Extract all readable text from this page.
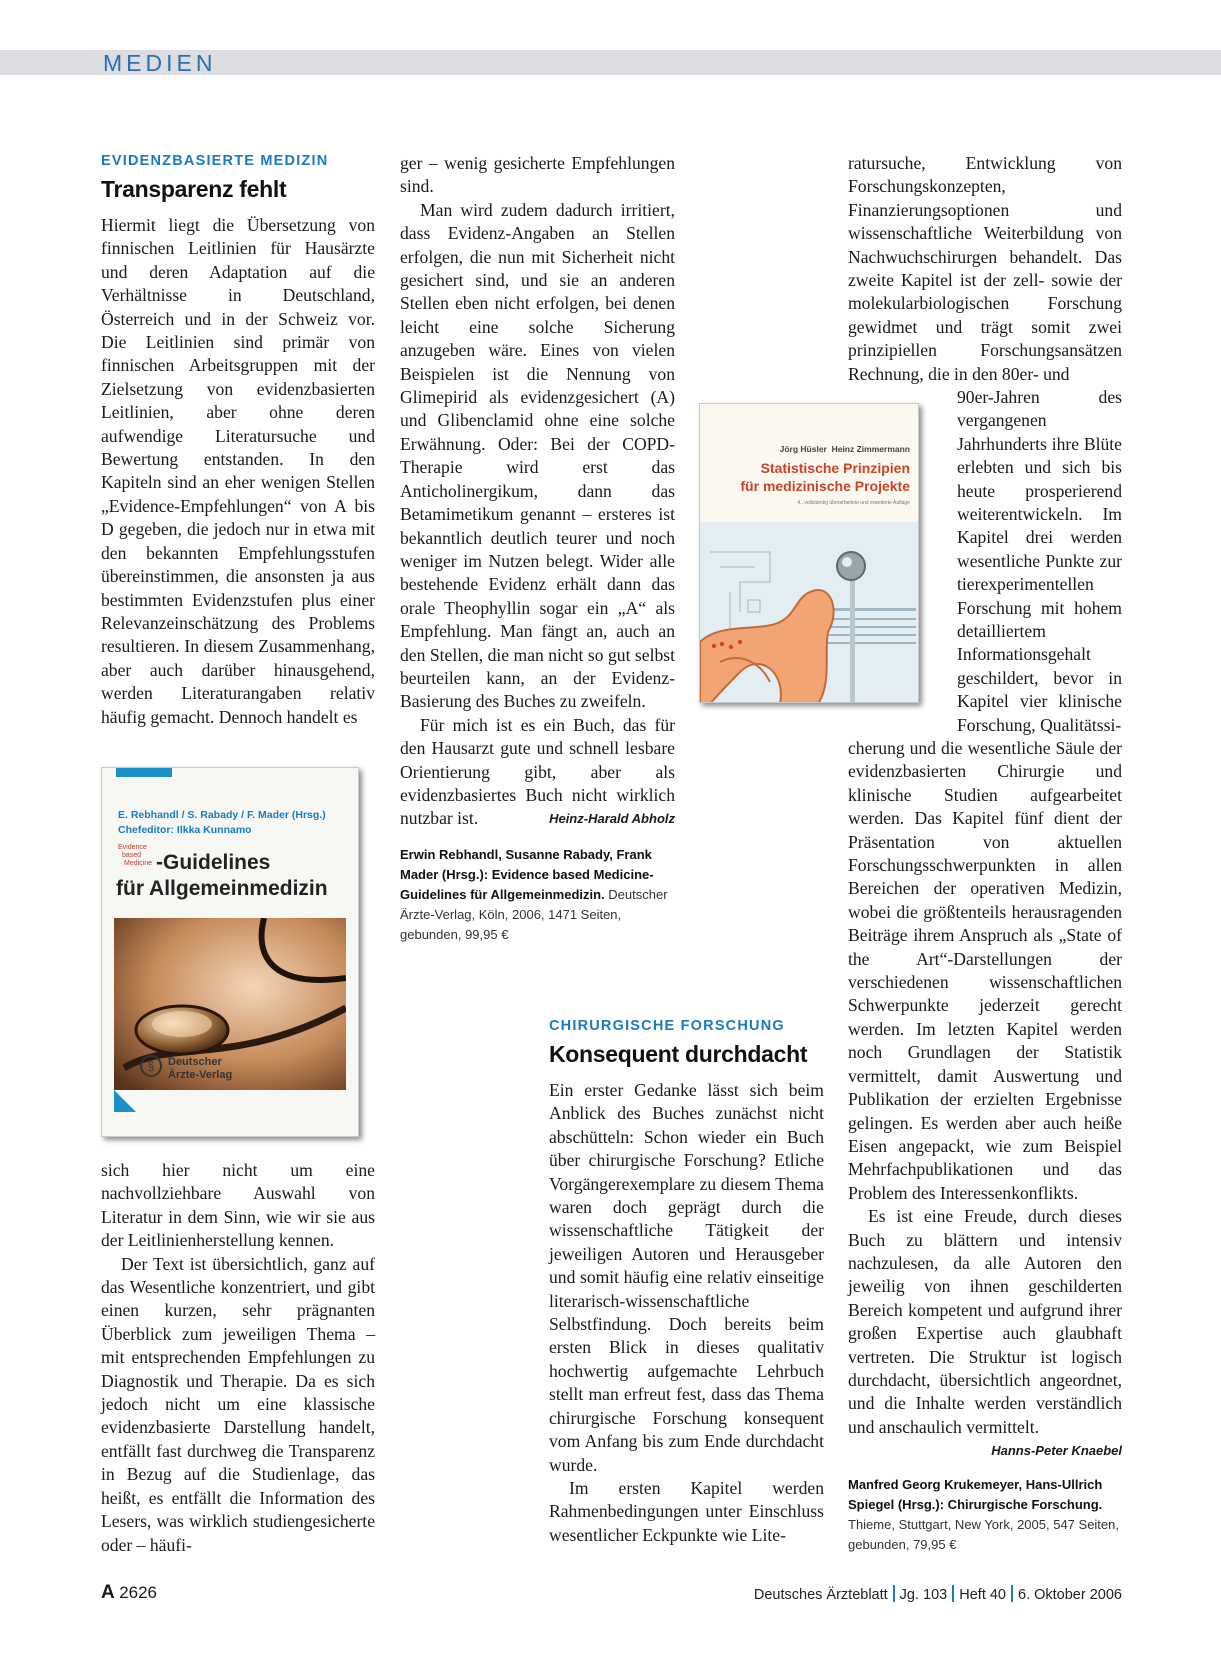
MEDIEN
EVIDENZBASIERTE MEDIZIN
Transparenz fehlt

Hiermit liegt die Übersetzung von finnischen Leitlinien für Hausärzte und deren Adaptation auf die Verhältnisse in Deutschland, Österreich und in der Schweiz vor. Die Leitlinien sind primär von finnischen Arbeitsgruppen mit der Zielsetzung von evidenzbasierten Leitlinien, aber ohne deren aufwendige Literatursuche und Bewertung entstanden. In den Kapiteln sind an eher wenigen Stellen „Evidence-Empfehlungen“ von A bis D gegeben, die jedoch nur in etwa mit den bekannten Empfehlungsstufen übereinstimmen, die ansonsten ja aus bestimmten Evidenzstufen plus einer Relevanzeinschätzung des Problems resultieren. In diesem Zusammenhang, aber auch darüber hinausgehend, werden Literaturangaben relativ häufig gemacht. Dennoch handelt es

E. Rebhandl / S. Rabady / F. Mader (Hrsg.)
Chefeditor: Ilkka Kunnamo
Evidence
based
Medicine -Guidelines
für Allgemeinmedizin
§	Deutscher
Ärzte-Verlag

sich hier nicht um eine nachvollziehbare Auswahl von Literatur in dem Sinn, wie wir sie aus der Leitlinienherstellung kennen.

Der Text ist übersichtlich, ganz auf das Wesentliche konzentriert, und gibt einen kurzen, sehr prägnanten Überblick zum jeweiligen Thema – mit entsprechenden Empfehlungen zu Diagnostik und Therapie. Da es sich jedoch nicht um eine klassische evidenzbasierte Darstellung handelt, entfällt fast durchweg die Transparenz in Bezug auf die Studienlage, das heißt, es entfällt die Information des Lesers, was wirklich studiengesicherte oder – häufi-

ger – wenig gesicherte Empfehlungen sind.

Man wird zudem dadurch irritiert, dass Evidenz-Angaben an Stellen erfolgen, die nun mit Sicherheit nicht gesichert sind, und sie an anderen Stellen eben nicht erfolgen, bei denen leicht eine solche Sicherung anzugeben wäre. Eines von vielen Beispielen ist die Nennung von Glimepirid als evidenzgesichert (A) und Glibenclamid ohne eine solche Erwähnung. Oder: Bei der COPD-Therapie wird erst das Anticholinergikum, dann das Betamimetikum genannt – ersteres ist bekanntlich deutlich teurer und noch weniger im Nutzen belegt. Wider alle bestehende Evidenz erhält dann das orale Theophyllin sogar ein „A“ als Empfehlung. Man fängt an, auch an den Stellen, die man nicht so gut selbst beurteilen kann, an der Evidenz-Basierung des Buches zu zweifeln.

Für mich ist es ein Buch, das für den Hausarzt gute und schnell lesbare Orientierung gibt, aber als evidenzbasiertes Buch nicht wirklich nutzbar ist.	Heinz-Harald Abholz

Erwin Rebhandl, Susanne Rabady, Frank Mader (Hrsg.): Evidence based Medicine-Guidelines für Allgemeinmedizin. Deutscher Ärzte-Verlag, Köln, 2006, 1471 Seiten, gebunden, 99,95 €
Jörg Hüsler  Heinz Zimmermann
Statistische Prinzipien
für medizinische Projekte
4., vollständig überarbeitete und erweiterte Auflage
CHIRURGISCHE FORSCHUNG
Konsequent durchdacht

Ein erster Gedanke lässt sich beim Anblick des Buches zunächst nicht abschütteln: Schon wieder ein Buch über chirurgische Forschung? Etliche Vorgängerexemplare zu diesem Thema waren doch geprägt durch die wissenschaftliche Tätigkeit der jeweiligen Autoren und Herausgeber und somit häufig eine relativ einseitige literarisch-wissenschaftliche Selbstfindung. Doch bereits beim ersten Blick in dieses qualitativ hochwertig aufgemachte Lehrbuch stellt man erfreut fest, dass das Thema chirurgische Forschung konsequent vom Anfang bis zum Ende durchdacht wurde.

Im ersten Kapitel werden Rahmenbedingungen unter Einschluss wesentlicher Eckpunkte wie Lite-

ratursuche, Entwicklung von Forschungskonzepten, Finanzierungsoptionen und wissenschaftliche Weiterbildung von Nachwuchschirurgen behandelt. Das zweite Kapitel ist der zell- sowie der molekularbiologischen Forschung gewidmet und trägt somit zwei prinzipiellen Forschungsansätzen Rechnung, die in den 80er- und

90er-Jahren des vergangenen Jahrhunderts ihre Blüte erlebten und sich bis heute prosperierend weiterentwickeln. Im Kapitel drei werden wesentliche Punkte zur tierexperimentellen Forschung mit hohem detailliertem Informationsgehalt geschildert, bevor in Kapitel vier klinische Forschung, Qualitätssi-

cherung und die wesentliche Säule der evidenzbasierten Chirurgie und klinische Studien aufgearbeitet werden. Das Kapitel fünf dient der Präsentation von aktuellen Forschungsschwerpunkten in allen Bereichen der operativen Medizin, wobei die größtenteils herausragenden Beiträge ihrem Anspruch als „State of the Art“-Darstellungen der verschiedenen wissenschaftlichen Schwerpunkte jederzeit gerecht werden. Im letzten Kapitel werden noch Grundlagen der Statistik vermittelt, damit Auswertung und Publikation der erzielten Ergebnisse gelingen. Es werden aber auch heiße Eisen angepackt, wie zum Beispiel Mehrfachpublikationen und das Problem des Interessenkonflikts.

Es ist eine Freude, durch dieses Buch zu blättern und intensiv nachzulesen, da alle Autoren den jeweilig von ihnen geschilderten Bereich kompetent und aufgrund ihrer großen Expertise auch glaubhaft vertreten. Die Struktur ist logisch durchdacht, übersichtlich angeordnet, und die Inhalte werden verständlich und anschaulich vermittelt.
Hanns-Peter Knaebel

Manfred Georg Krukemeyer, Hans-Ullrich Spiegel (Hrsg.): Chirurgische Forschung. Thieme, Stuttgart, New York, 2005, 547 Seiten, gebunden, 79,95 €
A 2626	Deutsches Ärzteblatt Jg. 103 Heft 40 6. Oktober 2006
